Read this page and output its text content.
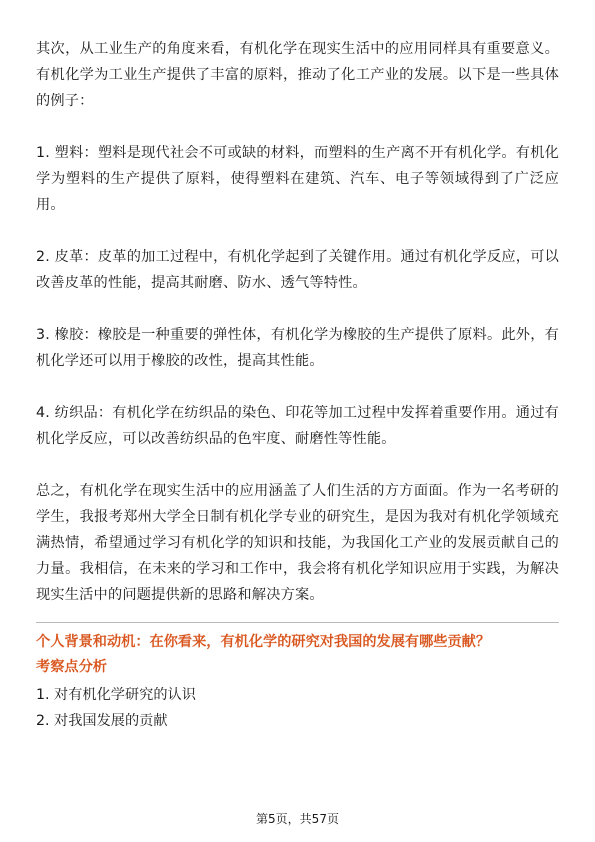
其次，从工业生产的角度来看，有机化学在现实生活中的应用同样具有重要意义。有机化学为工业生产提供了丰富的原料，推动了化工产业的发展。以下是一些具体的例子：

1. 塑料：塑料是现代社会不可或缺的材料，而塑料的生产离不开有机化学。有机化学为塑料的生产提供了原料，使得塑料在建筑、汽车、电子等领域得到了广泛应用。

2. 皮革：皮革的加工过程中，有机化学起到了关键作用。通过有机化学反应，可以改善皮革的性能，提高其耐磨、防水、透气等特性。

3. 橡胶：橡胶是一种重要的弹性体，有机化学为橡胶的生产提供了原料。此外，有机化学还可以用于橡胶的改性，提高其性能。

4. 纺织品：有机化学在纺织品的染色、印花等加工过程中发挥着重要作用。通过有机化学反应，可以改善纺织品的色牢度、耐磨性等性能。

总之，有机化学在现实生活中的应用涵盖了人们生活的方方面面。作为一名考研的学生，我报考郑州大学全日制有机化学专业的研究生，是因为我对有机化学领域充满热情，希望通过学习有机化学的知识和技能，为我国化工产业的发展贡献自己的力量。我相信，在未来的学习和工作中，我会将有机化学知识应用于实践，为解决现实生活中的问题提供新的思路和解决方案。

个人背景和动机：在你看来，有机化学的研究对我国的发展有哪些贡献？
考察点分析
1. 对有机化学研究的认识
2. 对我国发展的贡献
第5页，共57页
